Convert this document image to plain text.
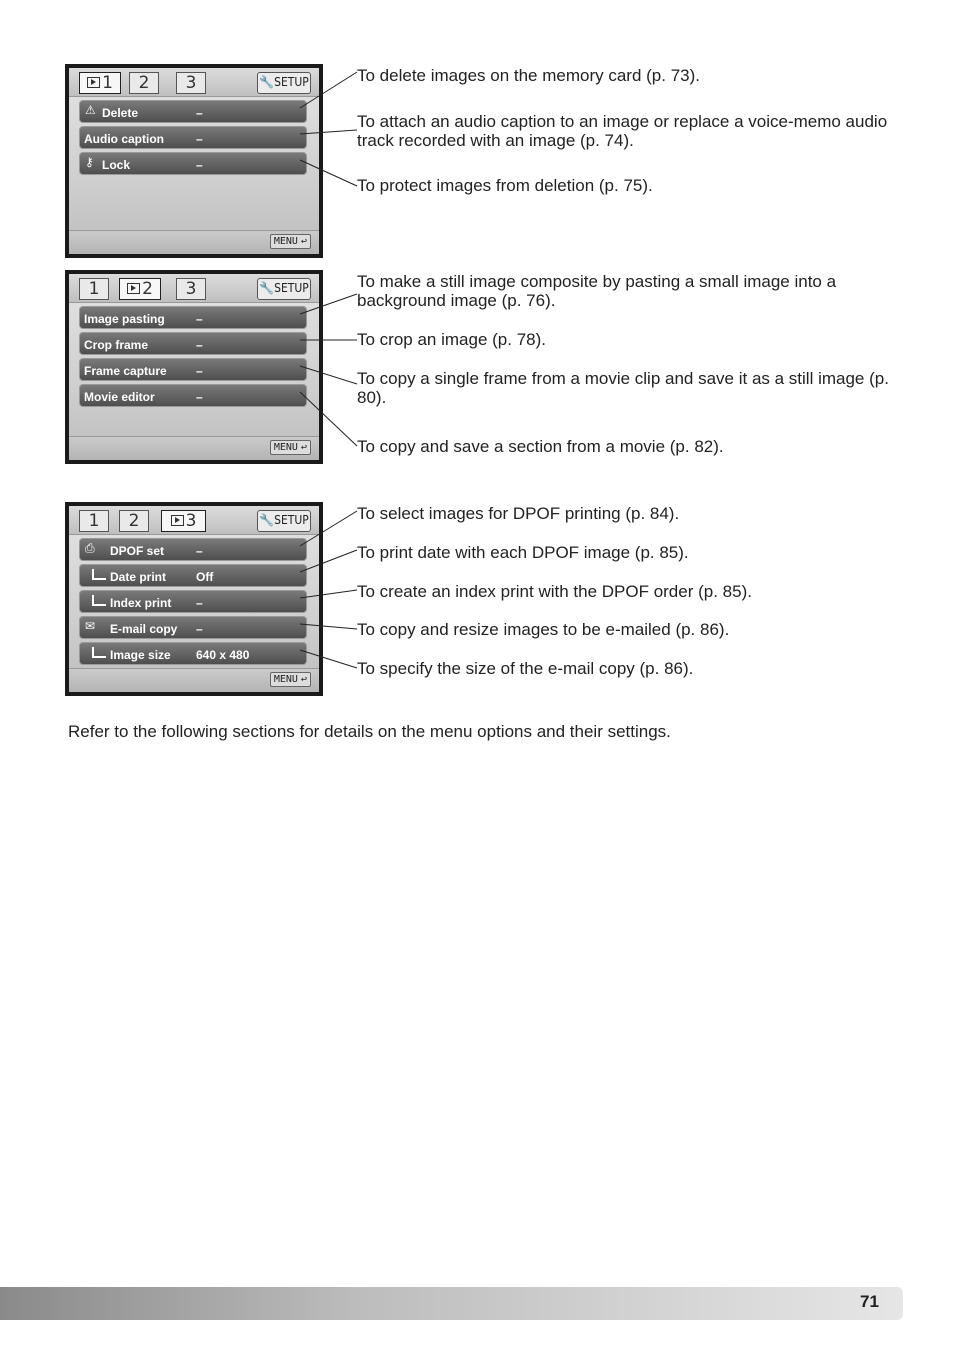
1	2	3	🔧SETUP
⚠ Delete	–
Audio caption	–
⚷ Lock	–
MENU ↩
1	2	3	🔧SETUP
Image pasting	–
Crop frame	–
Frame capture –
Movie editor	–
MENU ↩
1	2	3	🔧SETUP
⎙ DPOF set	–
Date print Off
Index print –
✉ E-mail copy –
Image size 640 x 480
MENU ↩
To delete images on the memory card (p. 73).
To attach an audio caption to an image or replace a voice-memo audio track recorded with an image (p. 74).
To protect images from deletion (p. 75).
To make a still image composite by pasting a small image into a background image (p. 76).
To crop an image (p. 78).
To copy a single frame from a movie clip and save it as a still image (p. 80).
To copy and save a section from a movie (p. 82).
To select images for DPOF printing (p. 84).
To print date with each DPOF image (p. 85).
To create an index print with the DPOF order (p. 85).
To copy and resize images to be e-mailed (p. 86).
To specify the size of the e-mail copy (p. 86).
Refer to the following sections for details on the menu options and their settings.
71
